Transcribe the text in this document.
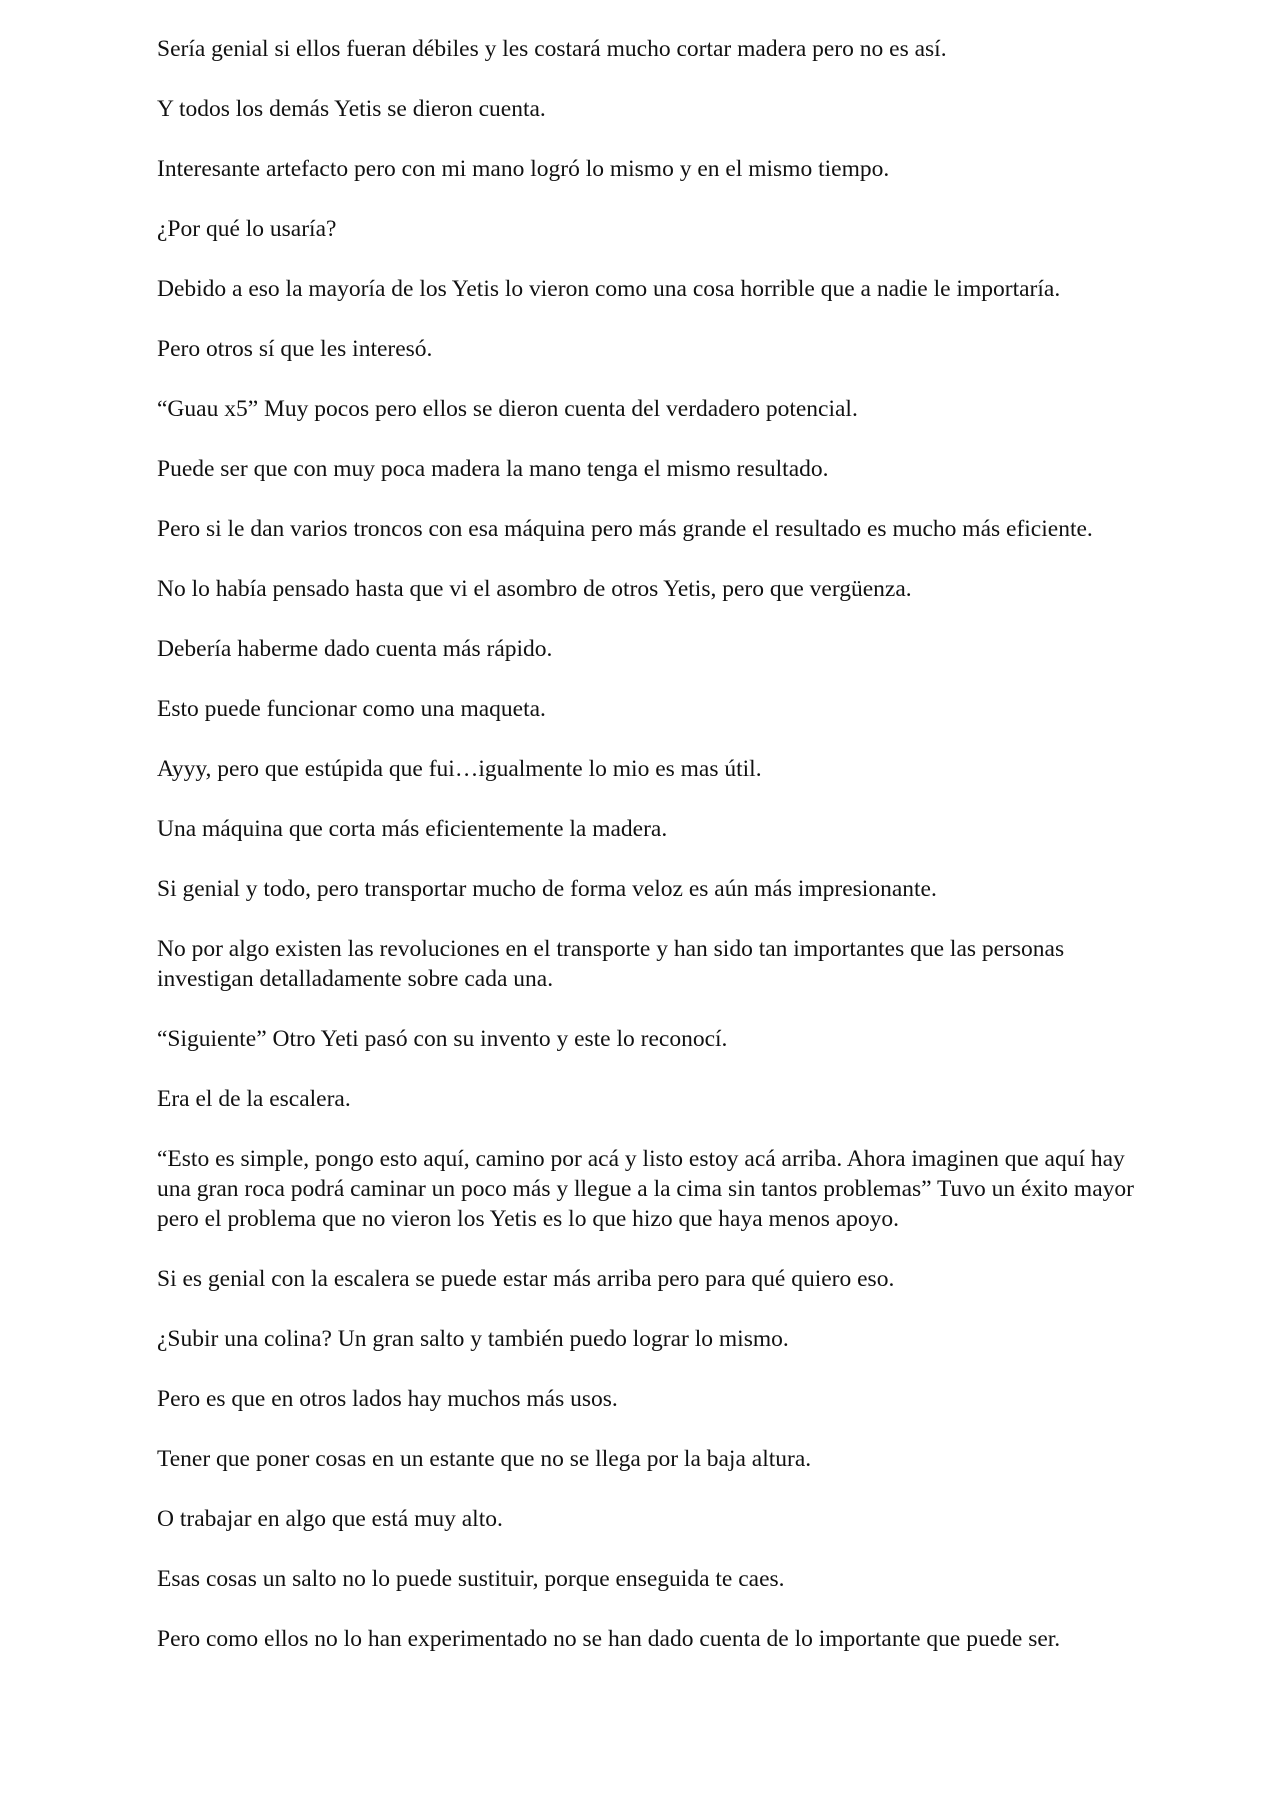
Sería genial si ellos fueran débiles y les costará mucho cortar madera pero no es así.

Y todos los demás Yetis se dieron cuenta.

Interesante artefacto pero con mi mano logró lo mismo y en el mismo tiempo.

¿Por qué lo usaría?

Debido a eso la mayoría de los Yetis lo vieron como una cosa horrible que a nadie le importaría.

Pero otros sí que les interesó.

“Guau x5” Muy pocos pero ellos se dieron cuenta del verdadero potencial.

Puede ser que con muy poca madera la mano tenga el mismo resultado.

Pero si le dan varios troncos con esa máquina pero más grande el resultado es mucho más eficiente.

No lo había pensado hasta que vi el asombro de otros Yetis, pero que vergüenza.

Debería haberme dado cuenta más rápido.

Esto puede funcionar como una maqueta.

Ayyy, pero que estúpida que fui…igualmente lo mio es mas útil.

Una máquina que corta más eficientemente la madera.

Si genial y todo, pero transportar mucho de forma veloz es aún más impresionante.

No por algo existen las revoluciones en el transporte y han sido tan importantes que las personas investigan detalladamente sobre cada una.

“Siguiente” Otro Yeti pasó con su invento y este lo reconocí.

Era el de la escalera.

“Esto es simple, pongo esto aquí, camino por acá y listo estoy acá arriba. Ahora imaginen que aquí hay una gran roca podrá caminar un poco más y llegue a la cima sin tantos problemas” Tuvo un éxito mayor pero el problema que no vieron los Yetis es lo que hizo que haya menos apoyo.

Si es genial con la escalera se puede estar más arriba pero para qué quiero eso.

¿Subir una colina? Un gran salto y también puedo lograr lo mismo.

Pero es que en otros lados hay muchos más usos.

Tener que poner cosas en un estante que no se llega por la baja altura.

O trabajar en algo que está muy alto.

Esas cosas un salto no lo puede sustituir, porque enseguida te caes.

Pero como ellos no lo han experimentado no se han dado cuenta de lo importante que puede ser.
